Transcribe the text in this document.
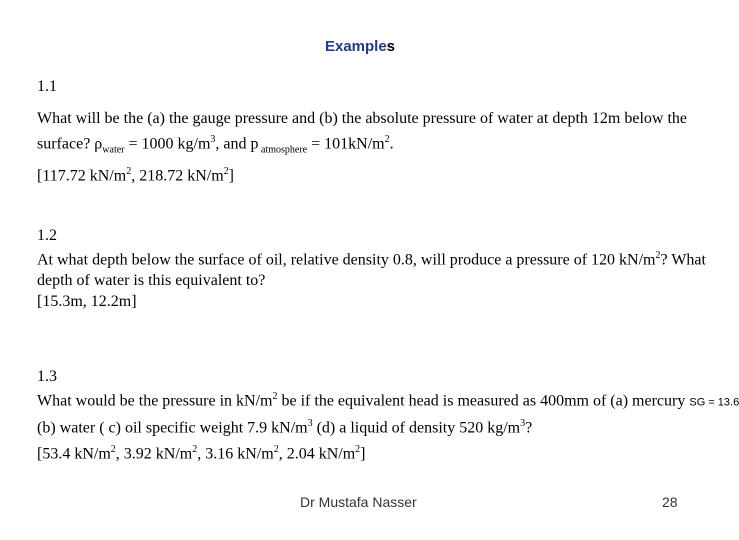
Examples
1.1
What will be the (a) the gauge pressure and (b) the absolute pressure of water at depth 12m below the
surface? $\rho_{water} = 1000$ $kg/m^3$, and p $_{atmosphere} = 101kN/m^2$.
[117.72 $kN/m^2$, 218.72 $kN/m^2$]
1.2
At what depth below the surface of oil, relative density 0.8, will produce a pressure of 120 $kN/m^2$? What
depth of water is this equivalent to?
[15.3m, 12.2m]
1.3
What would be the pressure in $kN/m^2$ be if the equivalent head is measured as 400mm of (a) mercury SG = 13.6
(b) water ( c) oil specific weight 7.9 $kN/m^3$ (d) a liquid of density 520 $kg/m^3$?
[53.4 $kN/m^2$, 3.92 $kN/m^2$, 3.16 $kN/m^2$, 2.04 $kN/m^2$]
Dr Mustafa Nasser	28
